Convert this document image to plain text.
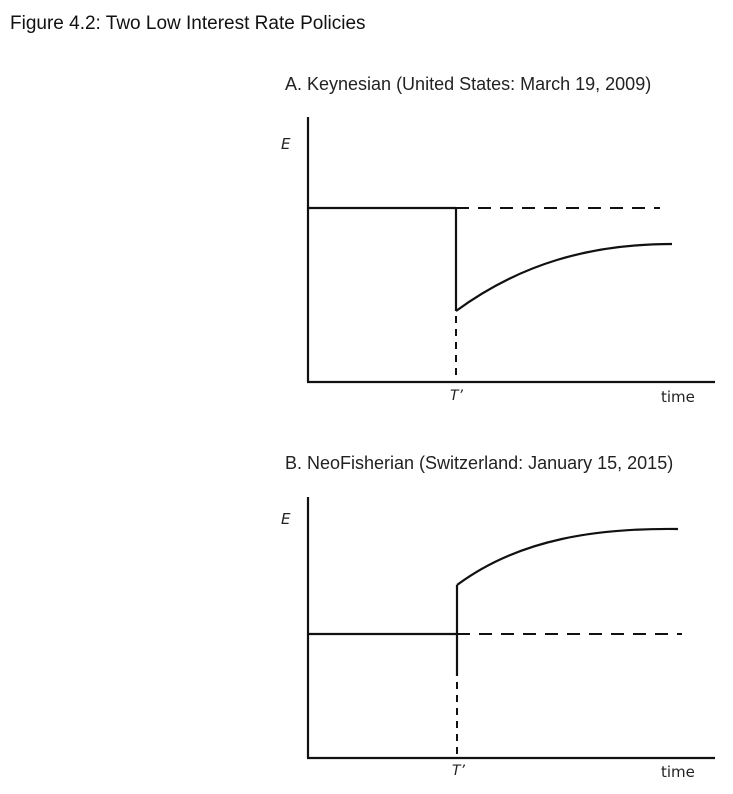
Figure 4.2: Two Low Interest Rate Policies
A. Keynesian (United States: March 19, 2009)
B. NeoFisherian (Switzerland: January 15, 2015)
E
time
T’
E
time
T’
